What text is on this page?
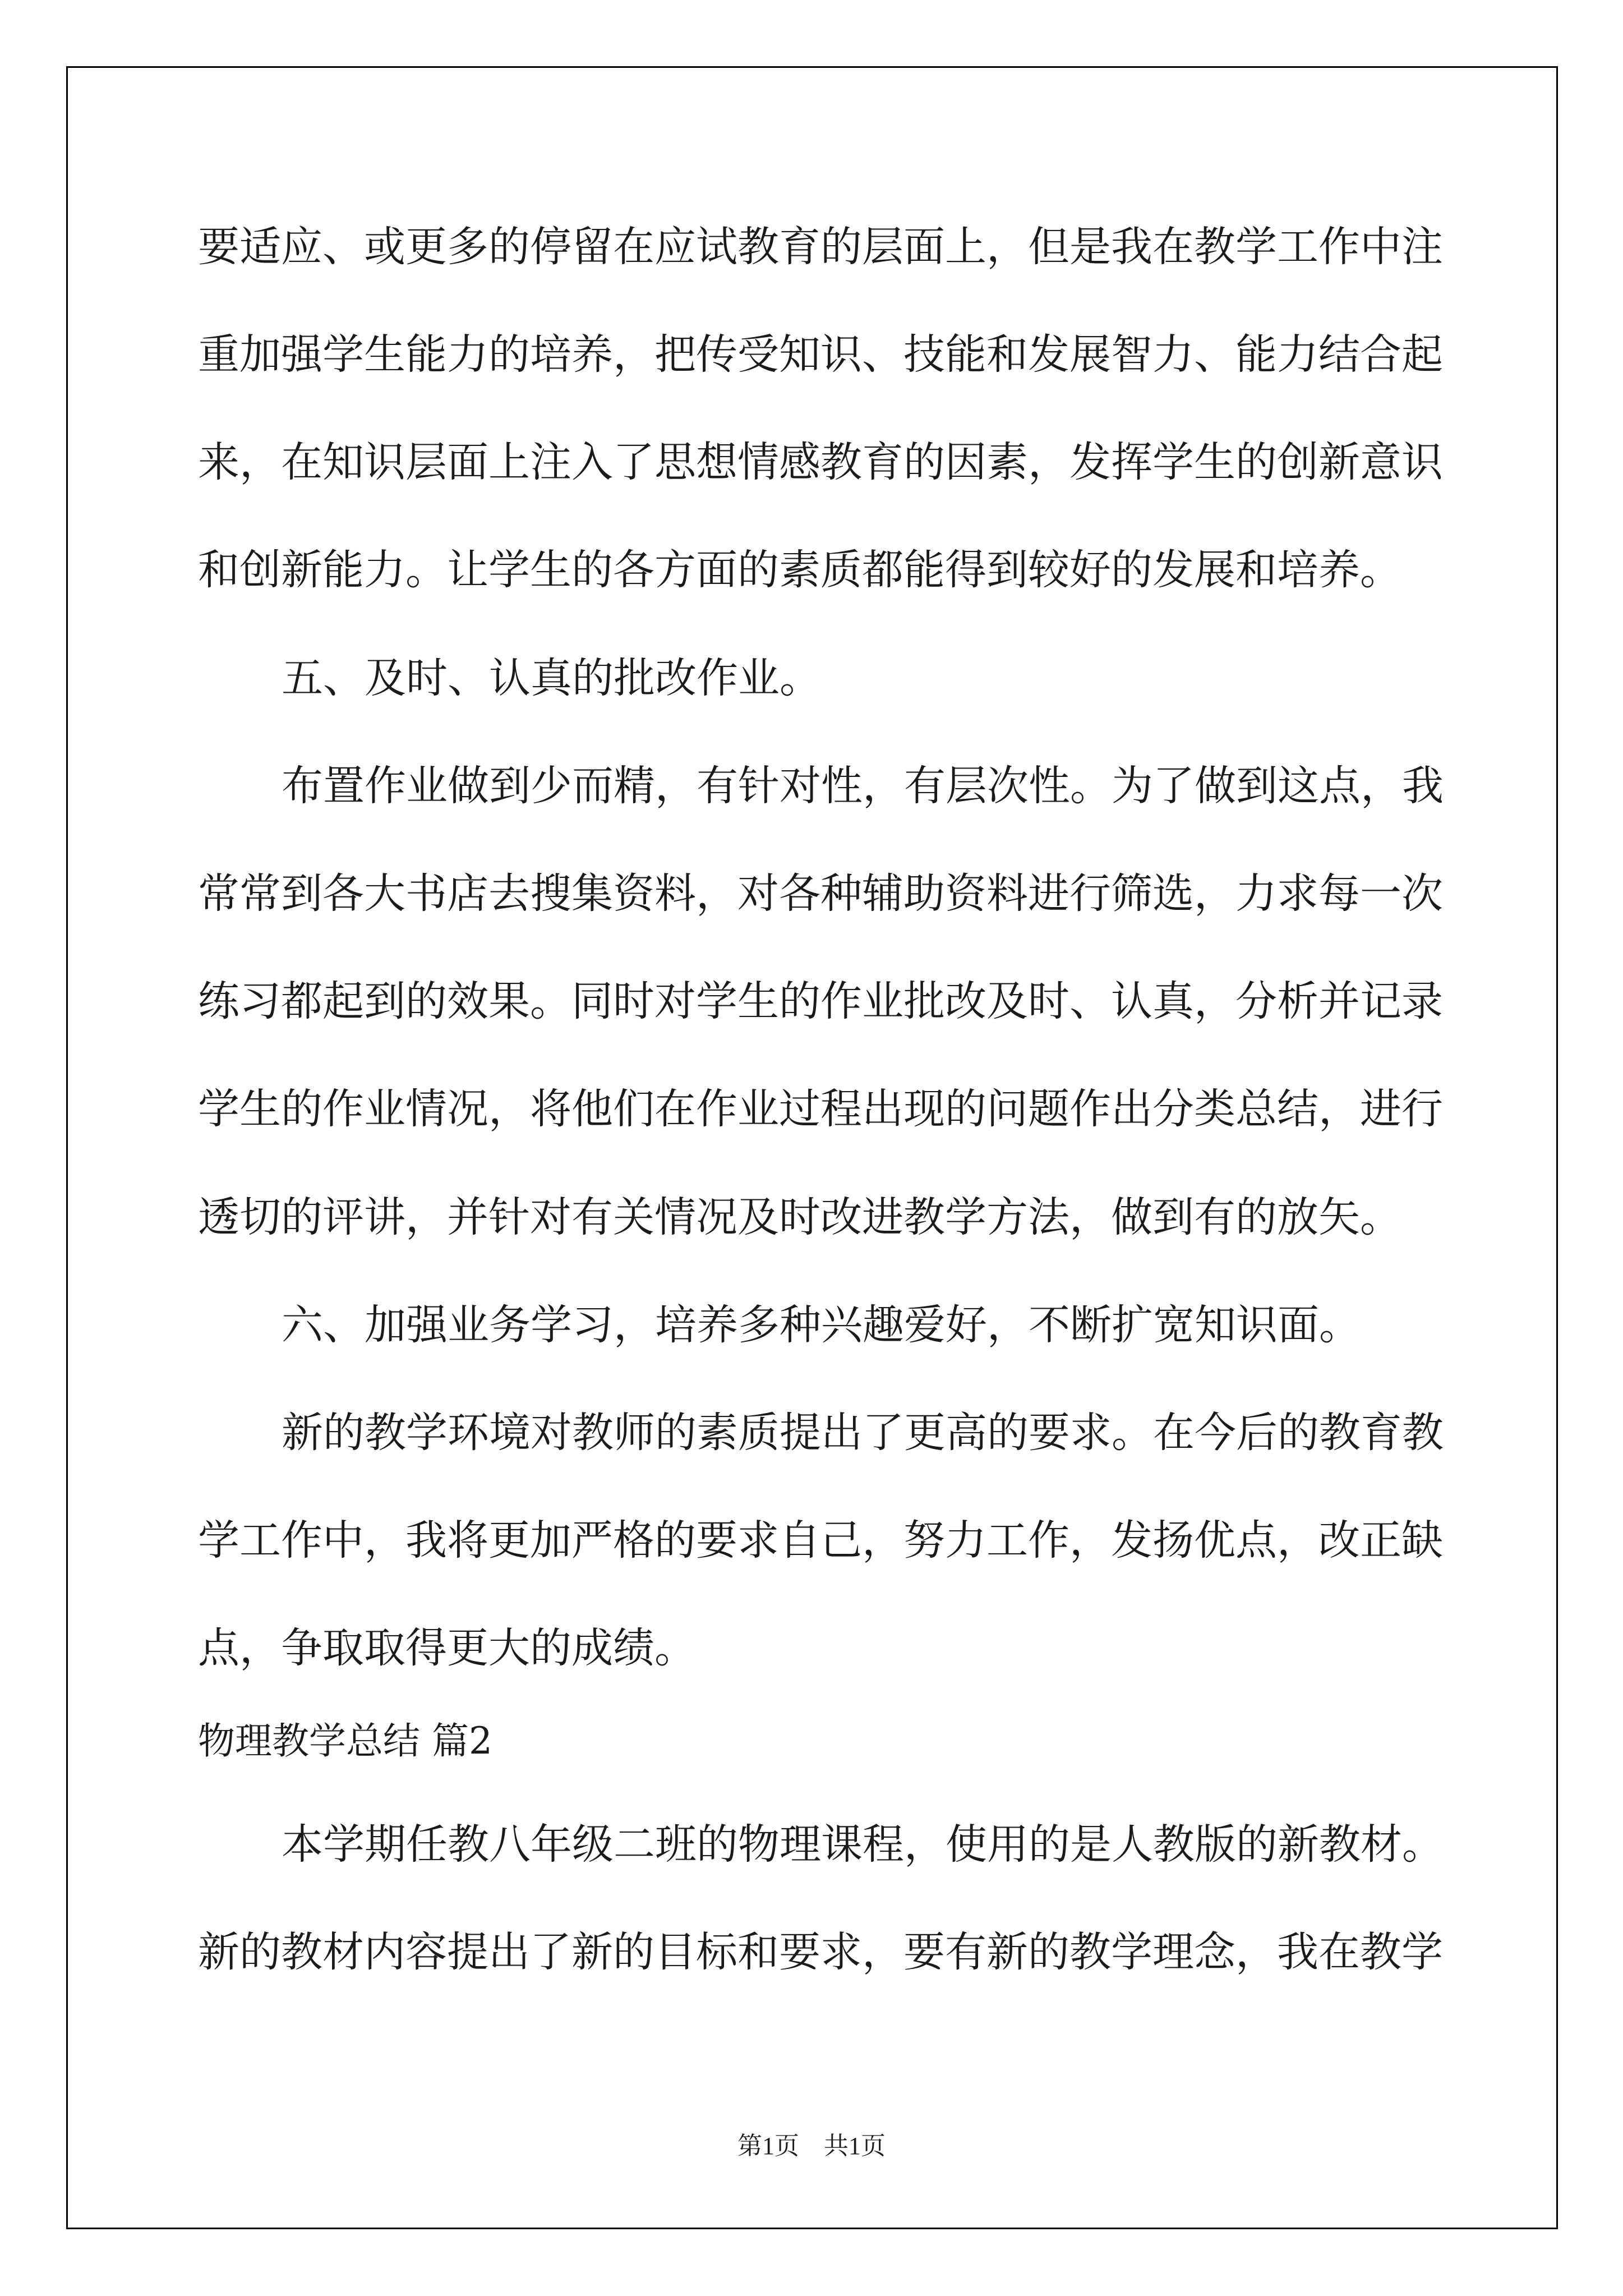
要适应、或更多的停留在应试教育的层面上，但是我在教学工作中注

重加强学生能力的培养，把传受知识、技能和发展智力、能力结合起

来，在知识层面上注入了思想情感教育的因素，发挥学生的创新意识

和创新能力。让学生的各方面的素质都能得到较好的发展和培养。

五、及时、认真的批改作业。

布置作业做到少而精，有针对性，有层次性。为了做到这点，我

常常到各大书店去搜集资料，对各种辅助资料进行筛选，力求每一次

练习都起到的效果。同时对学生的作业批改及时、认真，分析并记录

学生的作业情况，将他们在作业过程出现的问题作出分类总结，进行

透切的评讲，并针对有关情况及时改进教学方法，做到有的放矢。

六、加强业务学习，培养多种兴趣爱好，不断扩宽知识面。

新的教学环境对教师的素质提出了更高的要求。在今后的教育教

学工作中，我将更加严格的要求自己，努力工作，发扬优点，改正缺

点，争取取得更大的成绩。

物理教学总结 篇2

本学期任教八年级二班的物理课程，使用的是人教版的新教材。

新的教材内容提出了新的目标和要求，要有新的教学理念，我在教学

第1页　共1页
